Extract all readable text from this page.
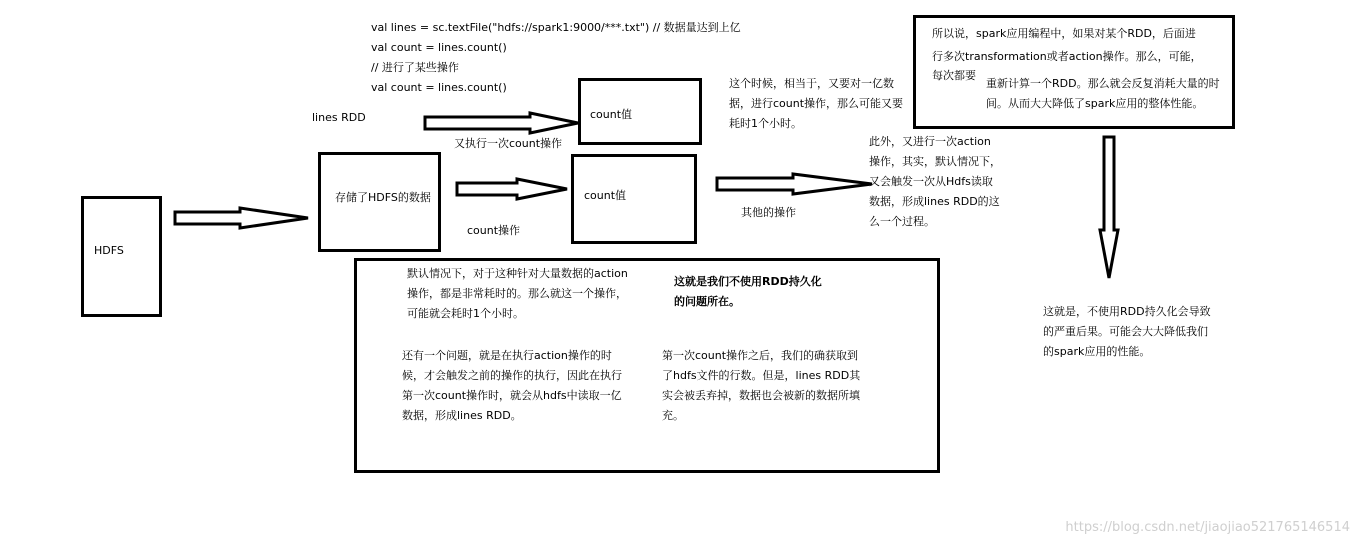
val lines = sc.textFile("hdfs://spark1:9000/***.txt") // 数据量达到上亿
val count = lines.count()
// 进行了某些操作
val count = lines.count()
HDFS
存储了HDFS的数据
count值
count值
所以说，spark应用编程中，如果对某个RDD，后面进
行多次transformation或者action操作。那么，可能，
每次都要
重新计算一个RDD。那么就会反复消耗大量的时
间。从而大大降低了spark应用的整体性能。
默认情况下，对于这种针对大量数据的action操作，都是非常耗时的。那么就这一个操作，可能就会耗时1个小时。
这就是我们不使用RDD持久化的问题所在。
还有一个问题，就是在执行action操作的时候，才会触发之前的操作的执行，因此在执行第一次count操作时，就会从hdfs中读取一亿数据，形成lines RDD。
第一次count操作之后，我们的确获取到了hdfs文件的行数。但是，lines RDD其实会被丢弃掉，数据也会被新的数据所填充。
lines RDD
又执行一次count操作
count操作
其他的操作
这个时候，相当于，又要对一亿数据，进行count操作，那么可能又要耗时1个小时。
此外，又进行一次action操作，其实，默认情况下，又会触发一次从Hdfs读取数据，形成lines RDD的这么一个过程。
这就是，不使用RDD持久化会导致的严重后果。可能会大大降低我们的spark应用的性能。
https://blog.csdn.net/jiaojiao521765146514
